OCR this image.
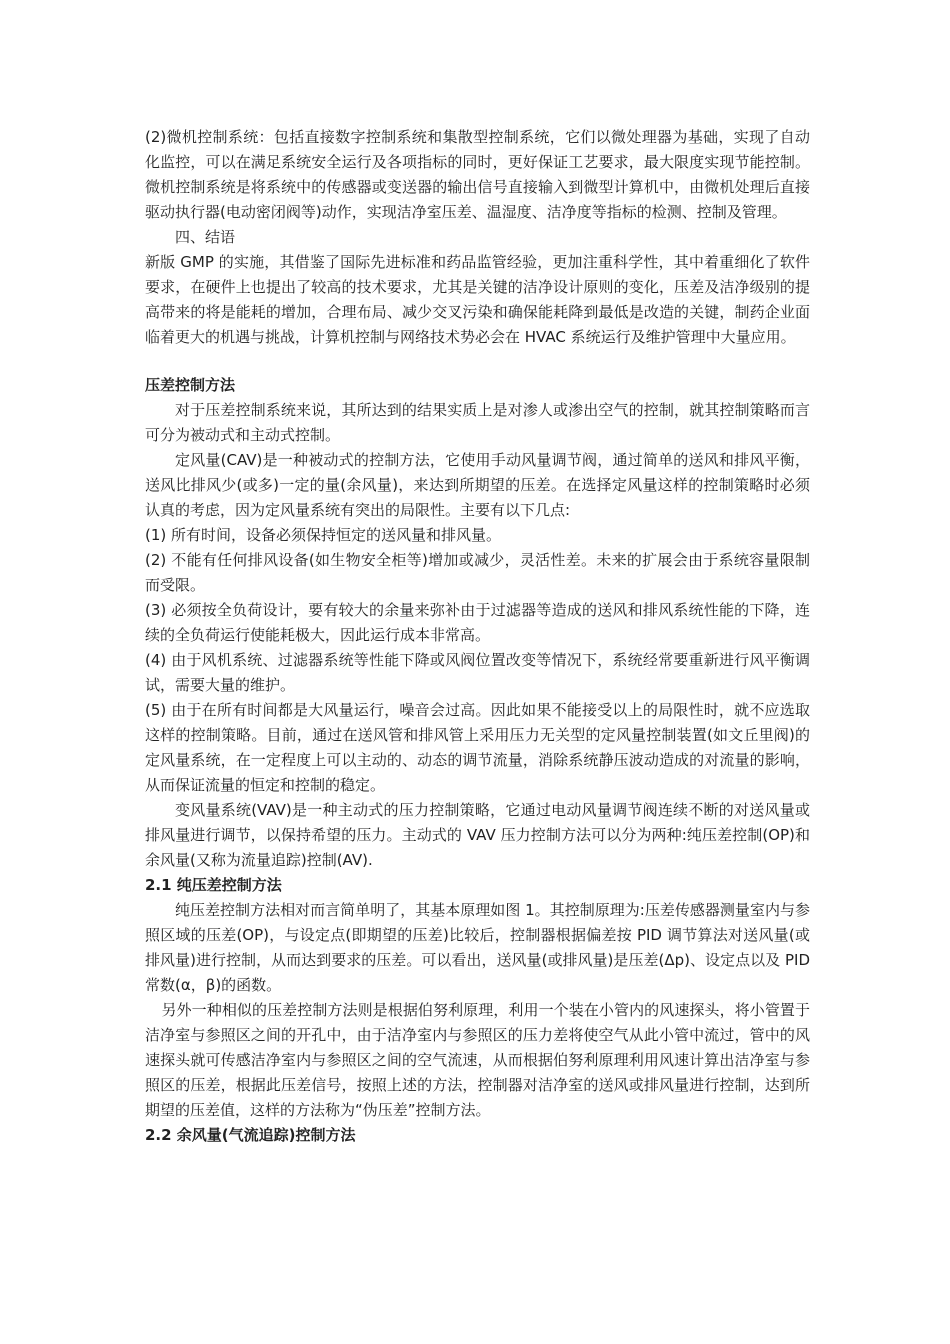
(2)微机控制系统：包括直接数字控制系统和集散型控制系统，它们以微处理器为基础，实现了自动化监控，可以在满足系统安全运行及各项指标的同时，更好保证工艺要求，最大限度实现节能控制。微机控制系统是将系统中的传感器或变送器的输出信号直接输入到微型计算机中，由微机处理后直接驱动执行器(电动密闭阀等)动作，实现洁净室压差、温湿度、洁净度等指标的检测、控制及管理。

四、结语

新版 GMP 的实施，其借鉴了国际先进标准和药品监管经验，更加注重科学性，其中着重细化了软件要求，在硬件上也提出了较高的技术要求，尤其是关键的洁净设计原则的变化，压差及洁净级别的提高带来的将是能耗的增加，合理布局、减少交叉污染和确保能耗降到最低是改造的关键，制药企业面临着更大的机遇与挑战，计算机控制与网络技术势必会在 HVAC 系统运行及维护管理中大量应用。

压差控制方法

对于压差控制系统来说，其所达到的结果实质上是对渗人或渗出空气的控制，就其控制策略而言可分为被动式和主动式控制。

定风量(CAV)是一种被动式的控制方法，它使用手动风量调节阀，通过简单的送风和排风平衡，送风比排风少(或多)一定的量(余风量)，来达到所期望的压差。在选择定风量这样的控制策略时必须认真的考虑，因为定风量系统有突出的局限性。主要有以下几点:

(1) 所有时间，设备必须保持恒定的送风量和排风量。

(2) 不能有任何排风设备(如生物安全柜等)增加或减少，灵活性差。未来的扩展会由于系统容量限制而受限。

(3) 必须按全负荷设计，要有较大的余量来弥补由于过滤器等造成的送风和排风系统性能的下降，连续的全负荷运行使能耗极大，因此运行成本非常高。

(4) 由于风机系统、过滤器系统等性能下降或风阀位置改变等情况下，系统经常要重新进行风平衡调试，需要大量的维护。

(5) 由于在所有时间都是大风量运行，噪音会过高。因此如果不能接受以上的局限性时，就不应选取这样的控制策略。目前，通过在送风管和排风管上采用压力无关型的定风量控制装置(如文丘里阀)的定风量系统，在一定程度上可以主动的、动态的调节流量，消除系统静压波动造成的对流量的影响，从而保证流量的恒定和控制的稳定。

变风量系统(VAV)是一种主动式的压力控制策略，它通过电动风量调节阀连续不断的对送风量或排风量进行调节，以保持希望的压力。主动式的 VAV 压力控制方法可以分为两种:纯压差控制(OP)和余风量(又称为流量追踪)控制(AV).

2.1 纯压差控制方法

纯压差控制方法相对而言简单明了，其基本原理如图 1。其控制原理为:压差传感器测量室内与参照区域的压差(OP)，与设定点(即期望的压差)比较后，控制器根据偏差按 PID 调节算法对送风量(或排风量)进行控制，从而达到要求的压差。可以看出，送风量(或排风量)是压差(Δp)、设定点以及 PID 常数(α，β)的函数。

另外一种相似的压差控制方法则是根据伯努利原理，利用一个装在小管内的风速探头，将小管置于洁净室与参照区之间的开孔中，由于洁净室内与参照区的压力差将使空气从此小管中流过，管中的风速探头就可传感洁净室内与参照区之间的空气流速，从而根据伯努利原理利用风速计算出洁净室与参照区的压差，根据此压差信号，按照上述的方法，控制器对洁净室的送风或排风量进行控制，达到所期望的压差值，这样的方法称为“伪压差”控制方法。

2.2 余风量(气流追踪)控制方法
